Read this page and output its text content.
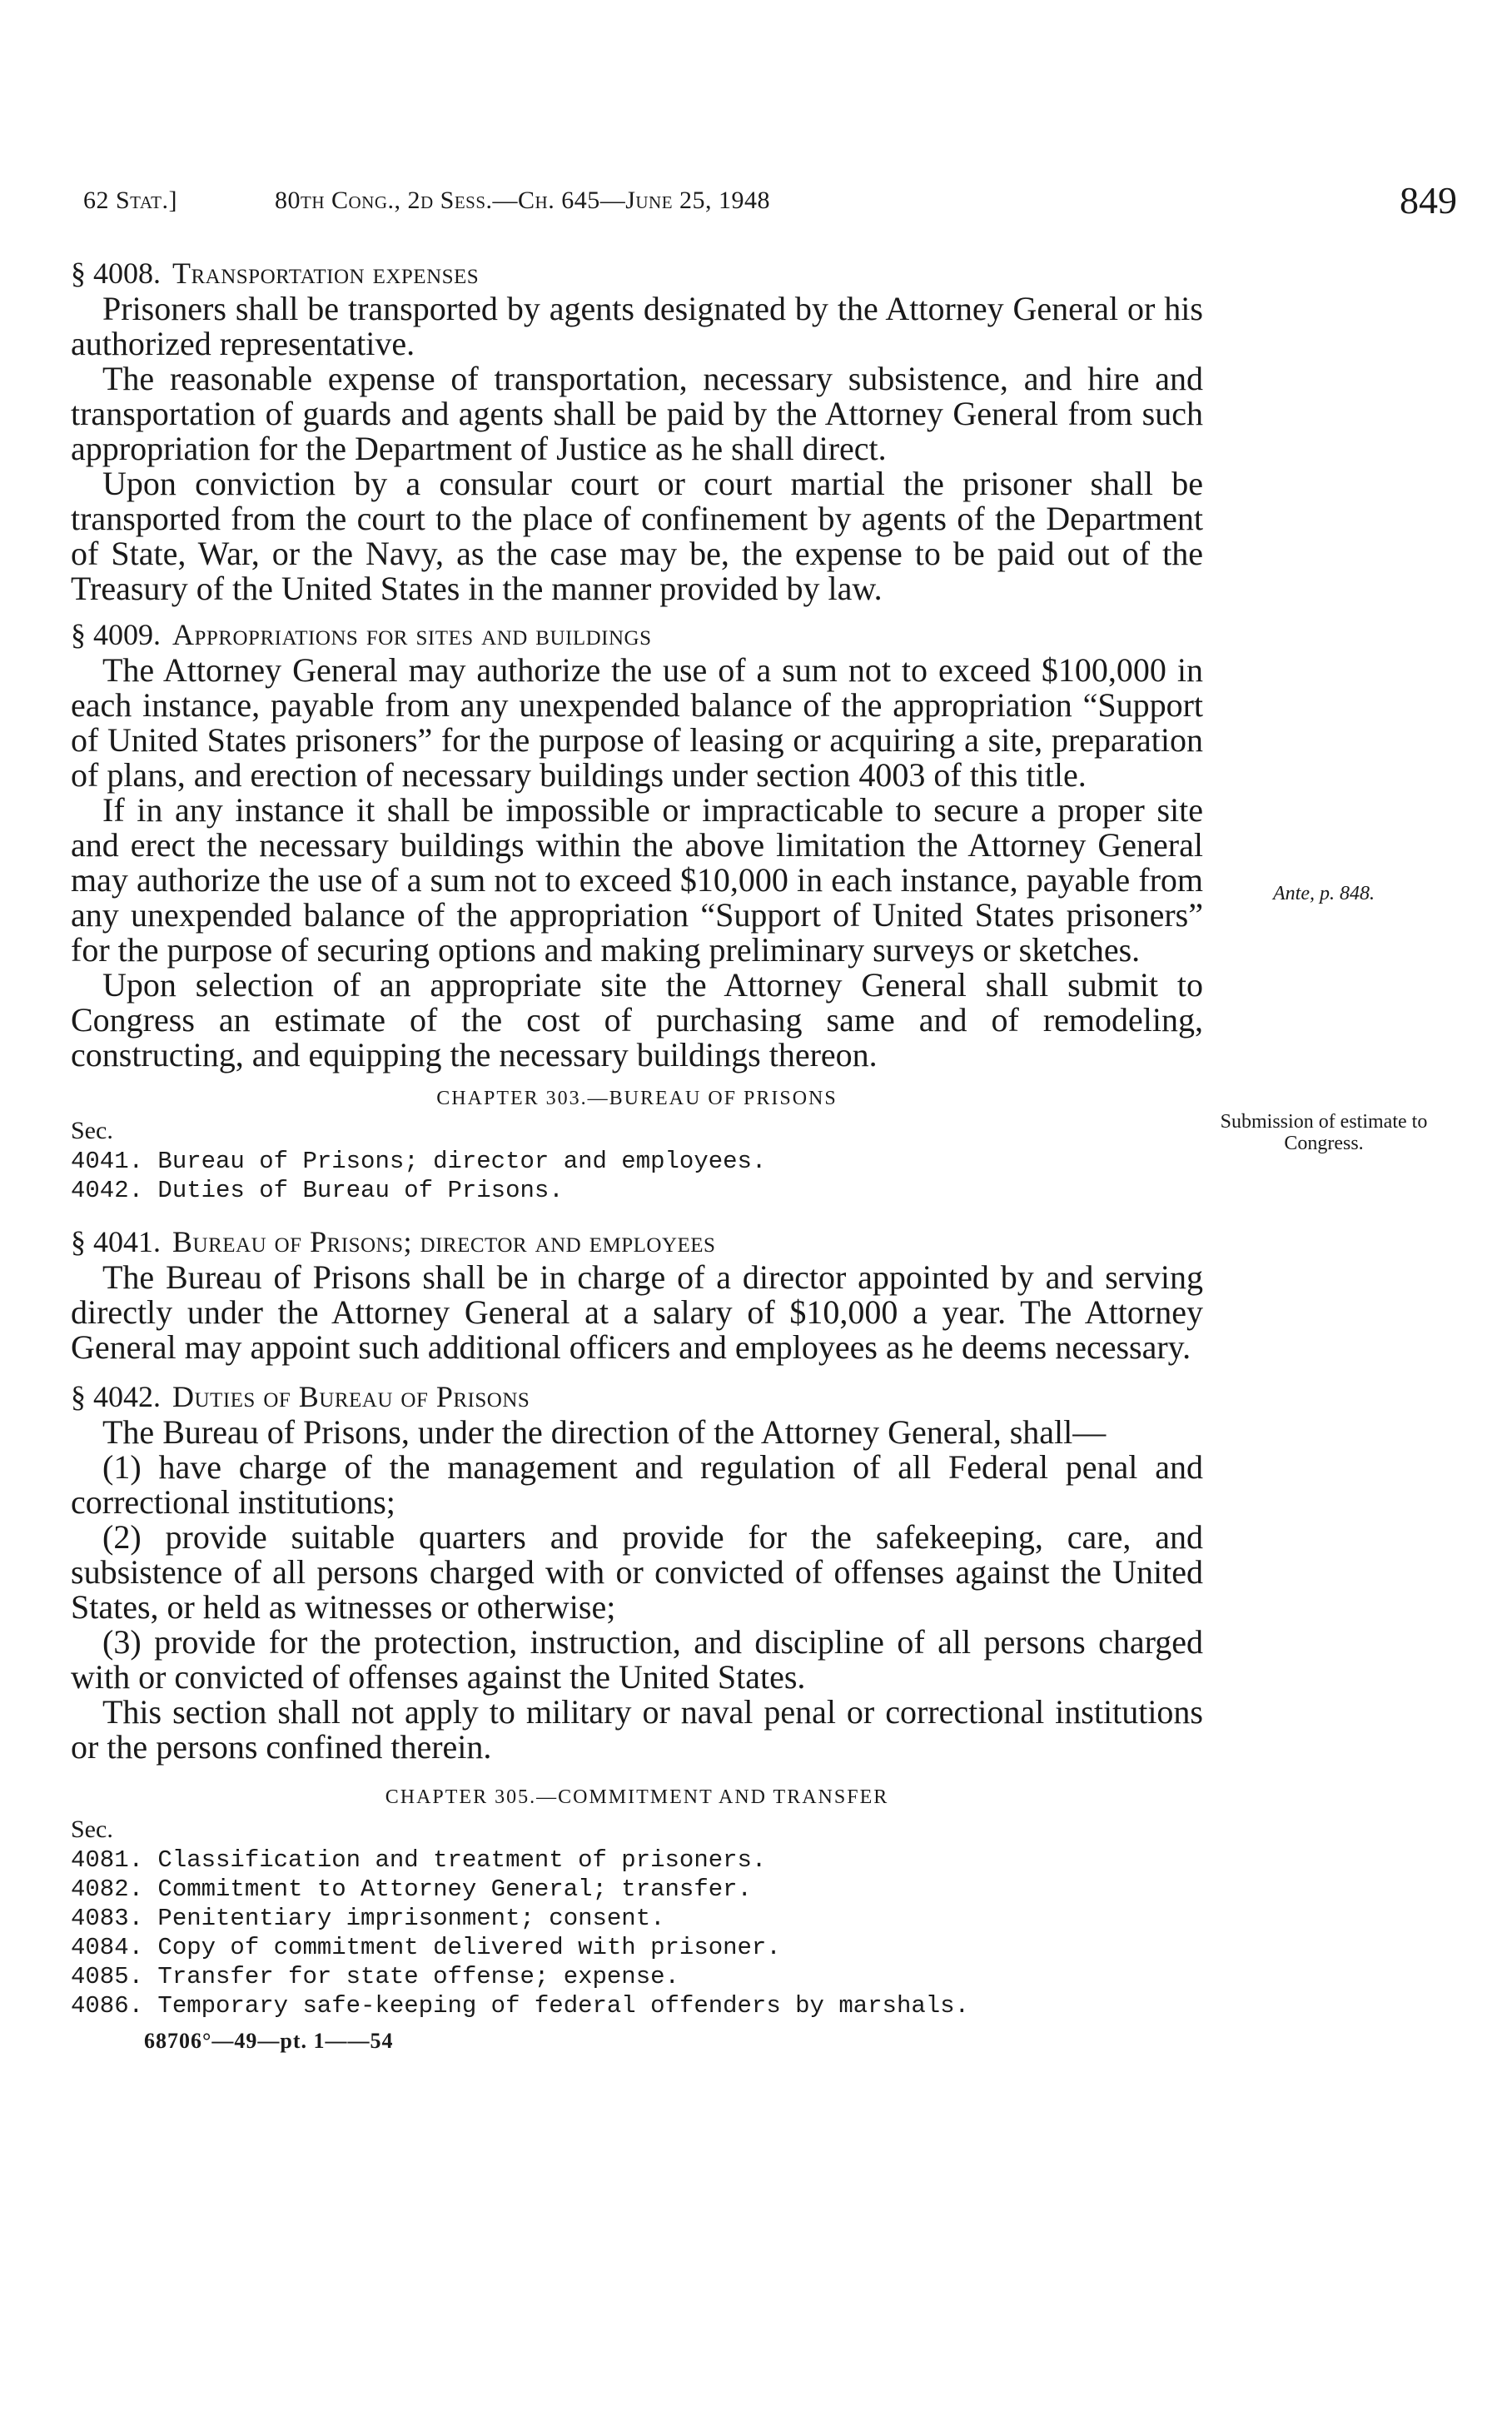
62 Stat.]	80th Cong., 2d Sess.—Ch. 645—June 25, 1948	849
§ 4008. Transportation expenses

Prisoners shall be transported by agents designated by the Attorney General or his authorized representative.

The reasonable expense of transportation, necessary subsistence, and hire and transportation of guards and agents shall be paid by the Attorney General from such appropriation for the Department of Justice as he shall direct.

Upon conviction by a consular court or court martial the prisoner shall be transported from the court to the place of confinement by agents of the Department of State, War, or the Navy, as the case may be, the expense to be paid out of the Treasury of the United States in the manner provided by law.

§ 4009. Appropriations for sites and buildings

The Attorney General may authorize the use of a sum not to exceed $100,000 in each instance, payable from any unexpended balance of the appropriation “Support of United States prisoners” for the purpose of leasing or acquiring a site, preparation of plans, and erection of necessary buildings under section 4003 of this title.

If in any instance it shall be impossible or impracticable to secure a proper site and erect the necessary buildings within the above limitation the Attorney General may authorize the use of a sum not to exceed $10,000 in each instance, payable from any unexpended balance of the appropriation “Support of United States prisoners” for the purpose of securing options and making preliminary surveys or sketches.

Upon selection of an appropriate site the Attorney General shall submit to Congress an estimate of the cost of purchasing same and of remodeling, constructing, and equipping the necessary buildings thereon.

CHAPTER 303.—BUREAU OF PRISONS
Sec.
4041. Bureau of Prisons; director and employees.
4042. Duties of Bureau of Prisons.
§ 4041. Bureau of Prisons; director and employees

The Bureau of Prisons shall be in charge of a director appointed by and serving directly under the Attorney General at a salary of $10,000 a year. The Attorney General may appoint such additional officers and employees as he deems necessary.

§ 4042. Duties of Bureau of Prisons

The Bureau of Prisons, under the direction of the Attorney General, shall—

(1) have charge of the management and regulation of all Federal penal and correctional institutions;

(2) provide suitable quarters and provide for the safekeeping, care, and subsistence of all persons charged with or convicted of offenses against the United States, or held as witnesses or otherwise;

(3) provide for the protection, instruction, and discipline of all persons charged with or convicted of offenses against the United States.

This section shall not apply to military or naval penal or correctional institutions or the persons confined therein.

CHAPTER 305.—COMMITMENT AND TRANSFER
Sec.
4081. Classification and treatment of prisoners.
4082. Commitment to Attorney General; transfer.
4083. Penitentiary imprisonment; consent.
4084. Copy of commitment delivered with prisoner.
4085. Transfer for state offense; expense.
4086. Temporary safe-keeping of federal offenders by marshals.
68706°—49—pt. 1——54
Ante, p. 848.
Submission of estimate to Congress.
